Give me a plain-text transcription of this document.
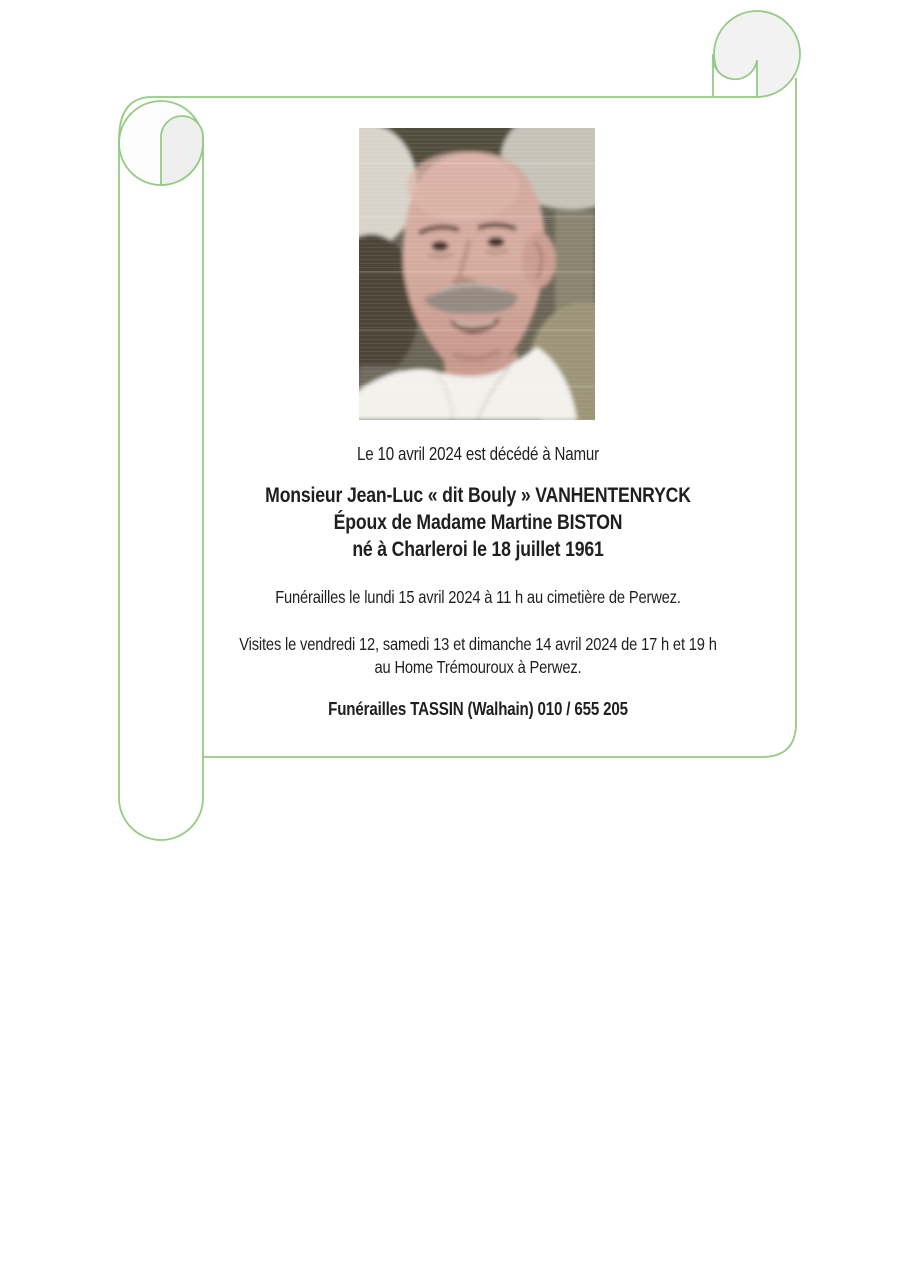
Le 10 avril 2024 est décédé à Namur

Monsieur Jean-Luc « dit Bouly » VANHENTENRYCK

Époux de Madame Martine BISTON

né à Charleroi le 18 juillet 1961

Funérailles le lundi 15 avril 2024 à 11 h au cimetière de Perwez.

Visites le vendredi 12, samedi 13 et dimanche 14 avril 2024 de 17 h et 19 h

au Home Trémouroux à Perwez.

Funérailles TASSIN (Walhain) 010 / 655 205
